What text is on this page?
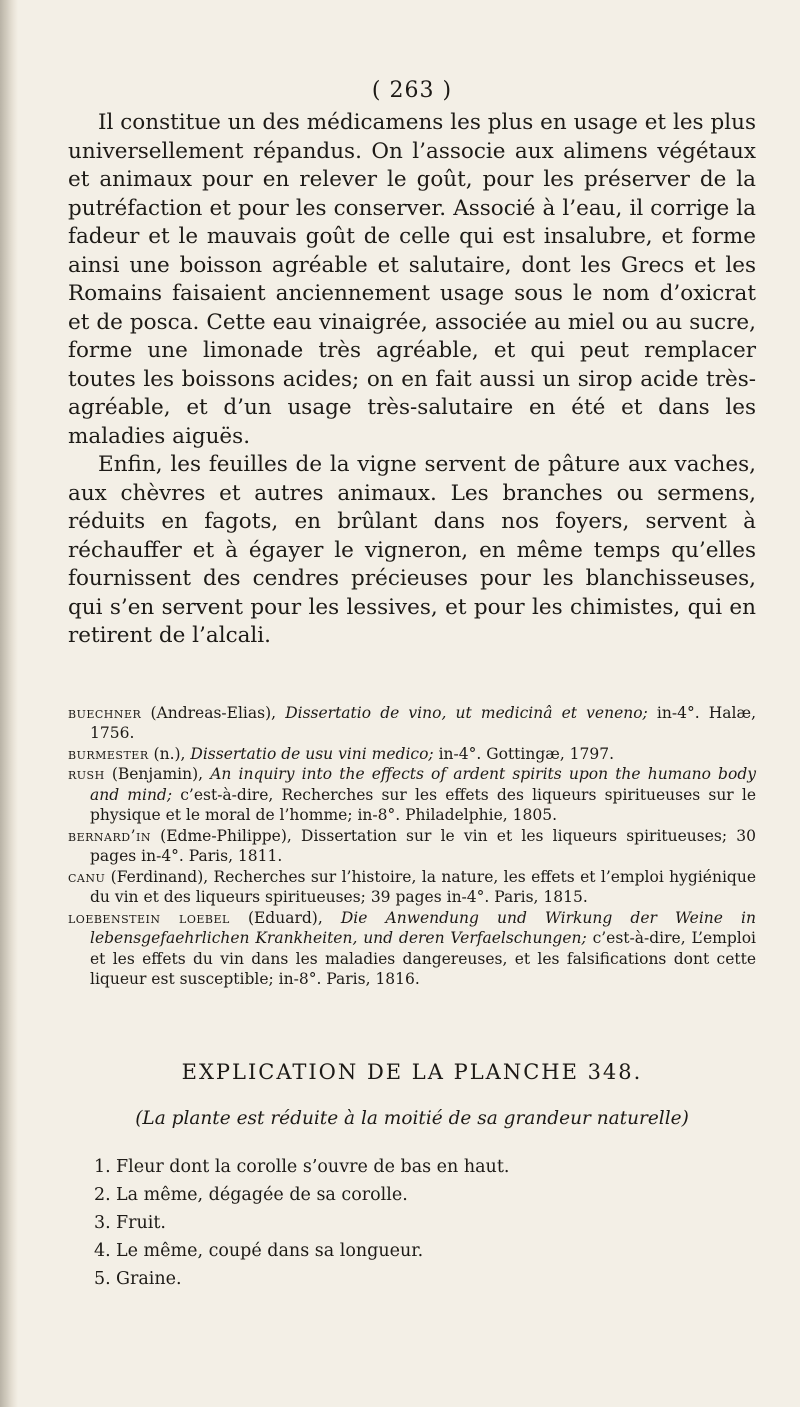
( 263 )

Il constitue un des médicamens les plus en usage et les plus universellement répandus. On l’associe aux alimens végétaux et animaux pour en relever le goût, pour les préserver de la putréfaction et pour les conserver. Associé à l’eau, il corrige la fadeur et le mauvais goût de celle qui est insalubre, et forme ainsi une boisson agréable et salutaire, dont les Grecs et les Romains faisaient anciennement usage sous le nom d’oxicrat et de posca. Cette eau vinaigrée, associée au miel ou au sucre, forme une limonade très agréable, et qui peut remplacer toutes les boissons acides; on en fait aussi un sirop acide très-agréable, et d’un usage très-salutaire en été et dans les maladies aiguës.

Enfin, les feuilles de la vigne servent de pâture aux vaches, aux chèvres et autres animaux. Les branches ou sermens, réduits en fagots, en brûlant dans nos foyers, servent à réchauffer et à égayer le vigneron, en même temps qu’elles fournissent des cendres précieuses pour les blanchisseuses, qui s’en servent pour les lessives, et pour les chimistes, qui en retirent de l’alcali.

buechner (Andreas-Elias), Dissertatio de vino, ut medicinâ et veneno; in-4°. Halæ, 1756.

burmester (n.), Dissertatio de usu vini medico; in-4°. Gottingæ, 1797.

rush (Benjamin), An inquiry into the effects of ardent spirits upon the humano body and mind; c’est-à-dire, Recherches sur les effets des liqueurs spiritueuses sur le physique et le moral de l’homme; in-8°. Philadelphie, 1805.

bernard’in (Edme-Philippe), Dissertation sur le vin et les liqueurs spiritueuses; 30 pages in-4°. Paris, 1811.

canu (Ferdinand), Recherches sur l’histoire, la nature, les effets et l’emploi hygiénique du vin et des liqueurs spiritueuses; 39 pages in-4°. Paris, 1815.

loebenstein loebel (Eduard), Die Anwendung und Wirkung der Weine in lebensgefaehrlichen Krankheiten, und deren Verfaelschungen; c’est-à-dire, L’emploi et les effets du vin dans les maladies dangereuses, et les falsifications dont cette liqueur est susceptible; in-8°. Paris, 1816.

EXPLICATION DE LA PLANCHE 348.
(La plante est réduite à la moitié de sa grandeur naturelle)

1. Fleur dont la corolle s’ouvre de bas en haut.

2. La même, dégagée de sa corolle.

3. Fruit.

4. Le même, coupé dans sa longueur.

5. Graine.
